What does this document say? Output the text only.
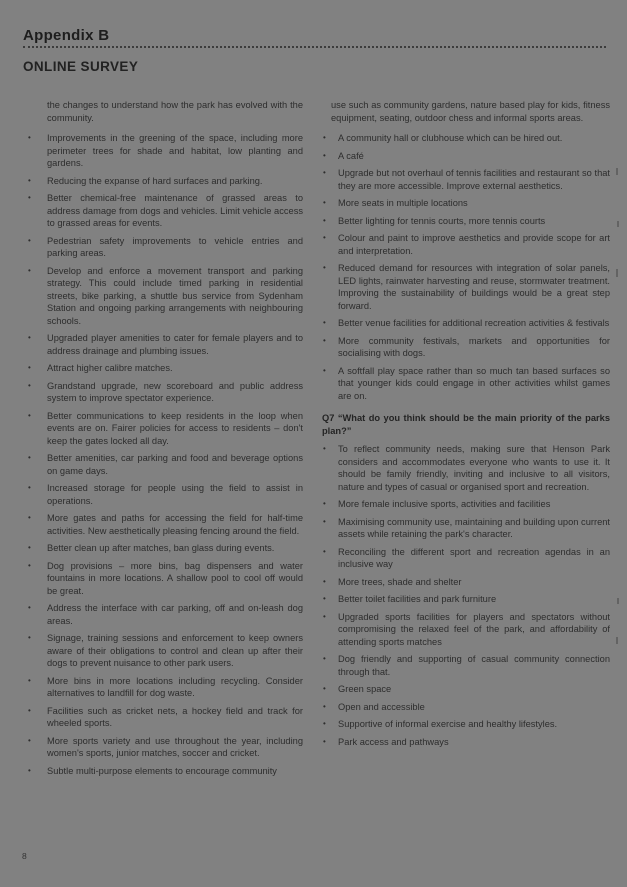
Appendix B
ONLINE SURVEY

the changes to understand how the park has evolved with the community.

• Improvements in the greening of the space, including more perimeter trees for shade and habitat, low planting and gardens.
• Reducing the expanse of hard surfaces and parking.
• Better chemical-free maintenance of grassed areas to address damage from dogs and vehicles. Limit vehicle access to grassed areas for events.
• Pedestrian safety improvements to vehicle entries and parking areas.
• Develop and enforce a movement transport and parking strategy. This could include timed parking in residential streets, bike parking, a shuttle bus service from Sydenham Station and ongoing parking arrangements with neighbouring schools.
• Upgraded player amenities to cater for female players and to address drainage and plumbing issues.
• Attract higher calibre matches.
• Grandstand upgrade, new scoreboard and public address system to improve spectator experience.
• Better communications to keep residents in the loop when events are on. Fairer policies for access to residents – don't keep the gates locked all day.
• Better amenities, car parking and food and beverage options on game days.
• Increased storage for people using the field to assist in operations.
• More gates and paths for accessing the field for half-time activities. New aesthetically pleasing fencing around the field.
• Better clean up after matches, ban glass during events.
• Dog provisions – more bins, bag dispensers and water fountains in more locations. A shallow pool to cool off would be great.
• Address the interface with car parking, off and on-leash dog areas.
• Signage, training sessions and enforcement to keep owners aware of their obligations to control and clean up after their dogs to prevent nuisance to other park users.
• More bins in more locations including recycling. Consider alternatives to landfill for dog waste.
• Facilities such as cricket nets, a hockey field and track for wheeled sports.
• More sports variety and use throughout the year, including women's sports, junior matches, soccer and cricket.
• Subtle multi-purpose elements to encourage community

use such as community gardens, nature based play for kids, fitness equipment, seating, outdoor chess and informal sports areas.

• A community hall or clubhouse which can be hired out.
• A café
• Upgrade but not overhaul of tennis facilities and restaurant so that they are more accessible. Improve external aesthetics.
• More seats in multiple locations
• Better lighting for tennis courts, more tennis courts
• Colour and paint to improve aesthetics and provide scope for art and interpretation.
• Reduced demand for resources with integration of solar panels, LED lights, rainwater harvesting and reuse, stormwater treatment. Improving the sustainability of buildings would be a great step forward.
• Better venue facilities for additional recreation activities & festivals
• More community festivals, markets and opportunities for socialising with dogs.
• A softfall play space rather than so much tan based surfaces so that younger kids could engage in other activities whilst games are on.

Q7 “What do you think should be the main priority of the parks plan?”

• To reflect community needs, making sure that Henson Park considers and accommodates everyone who wants to use it. It should be family friendly, inviting and inclusive to all visitors, nature and types of casual or organised sport and recreation.
• More female inclusive sports, activities and facilities
• Maximising community use, maintaining and building upon current assets while retaining the park's character.
• Reconciling the different sport and recreation agendas in an inclusive way
• More trees, shade and shelter
• Better toilet facilities and park furniture
• Upgraded sports facilities for players and spectators without compromising the relaxed feel of the park, and affordability of attending sports matches
• Dog friendly and supporting of casual community connection through that.
• Green space
• Open and accessible
• Supportive of informal exercise and healthy lifestyles.
• Park access and pathways
8
